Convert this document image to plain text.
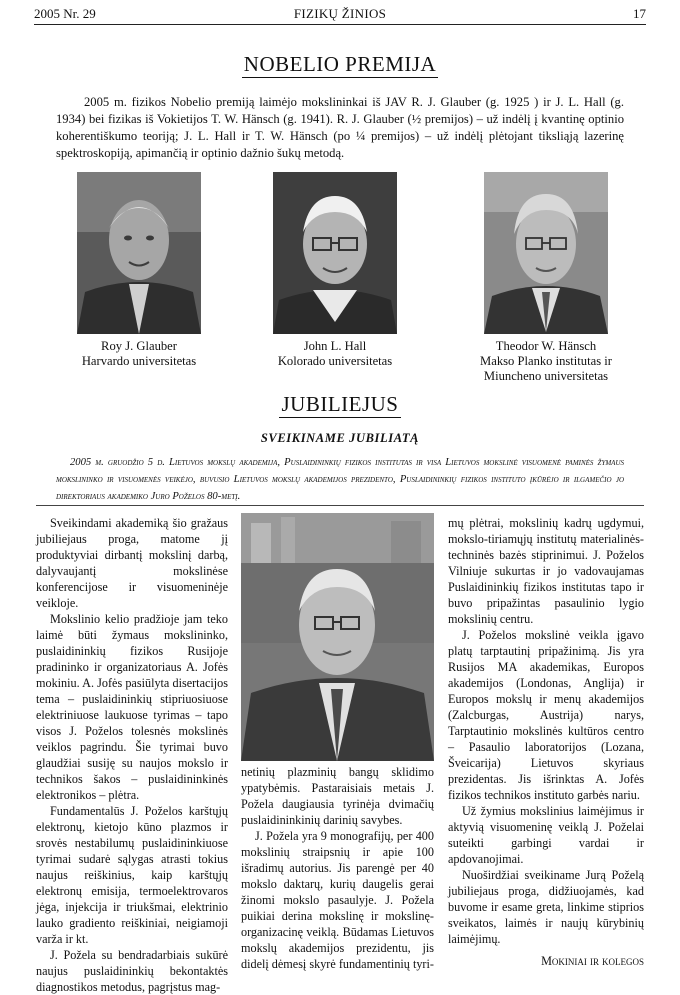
2005 Nr. 29	FIZIKŲ ŽINIOS	17
NOBELIO PREMIJA
2005 m. fizikos Nobelio premiją laimėjo mokslininkai iš JAV R. J. Glauber (g. 1925 ) ir J. L. Hall (g. 1934) bei fizikas iš Vokietijos T. W. Hänsch (g. 1941). R. J. Glauber (½ premijos) – už indėlį į kvantinę optinio koherentiškumo teoriją; J. L. Hall ir T. W. Hänsch (po ¼ premijos) – už indėlį plėtojant tiksliąją lazerinę spektroskopiją, apimančią ir optinio dažnio šukų metodą.
Roy J. Glauber
Harvardo universitetas
John L. Hall
Kolorado universitetas
Theodor W. Hänsch
Makso Planko institutas ir Miuncheno universitetas
JUBILIEJUS
SVEIKINAME JUBILIATĄ
2005 m. gruodžio 5 d. Lietuvos mokslų akademija, Puslaidininkių fizikos institutas ir visa Lietuvos mokslinė visuomenė paminės žymaus mokslininko ir visuomenės veikėjo, buvusio Lietuvos mokslų akademijos prezidento, Puslaidininkių fizikos instituto įkūrėjo ir ilgamečio jo direktoriaus akademiko Juro Poželos 80-metį.

Sveikindami akademiką šio gražaus jubiliejaus proga, matome jį produktyviai dirbantį mokslinį darbą, dalyvaujantį mokslinėse konferencijose ir visuomeninėje veikloje.

Mokslinio kelio pradžioje jam teko laimė būti žymaus mokslininko, puslaidininkių fizikos Rusijoje pradininko ir organizatoriaus A. Jofės mokiniu. A. Jofės pasiūlyta disertacijos tema – puslaidininkių stipriuosiuose elektriniuose laukuose tyrimas – tapo visos J. Poželos tolesnės mokslinės veiklos pagrindu. Šie tyrimai buvo glaudžiai susiję su naujos mokslo ir technikos šakos – puslaidininkinės elektronikos – plėtra.

Fundamentalūs J. Poželos karštųjų elektronų, kietojo kūno plazmos ir srovės nestabilumų puslaidininkiuose tyrimai sudarė sąlygas atrasti tokius naujus reiškinius, kaip karštųjų elektronų emisija, termoelektrovaros jėga, injekcija ir triukšmai, elektrinio lauko gradiento reiškiniai, neigiamoji varža ir kt.

J. Požela su bendradarbiais sukūrė naujus puslaidininkių bekontaktės diagnostikos metodus, pagrįstus mag-

netinių plazminių bangų sklidimo ypatybėmis. Pastaraisiais metais J. Požela daugiausia tyrinėja dvimačių puslaidininkinių darinių savybes.

J. Požela yra 9 monografijų, per 400 mokslinių straipsnių ir apie 100 išradimų autorius. Jis parengė per 40 mokslo daktarų, kurių daugelis gerai žinomi mokslo pasaulyje. J. Požela puikiai derina mokslinę ir mokslinę-organizacinę veiklą. Būdamas Lietuvos mokslų akademijos prezidentu, jis didelį dėmesį skyrė fundamentinių tyri-

mų plėtrai, mokslinių kadrų ugdymui, mokslo-tiriamųjų institutų materialinės-techninės bazės stiprinimui. J. Poželos Vilniuje sukurtas ir jo vadovaujamas Puslaidininkių fizikos institutas tapo ir buvo pripažintas pasaulinio lygio mokslinių centru.

J. Poželos mokslinė veikla įgavo platų tarptautinį pripažinimą. Jis yra Rusijos MA akademikas, Europos akademijos (Londonas, Anglija) ir Europos mokslų ir menų akademijos (Zalcburgas, Austrija) narys, Tarptautinio mokslinės kultūros centro – Pasaulio laboratorijos (Lozana, Šveicarija) Lietuvos skyriaus prezidentas. Jis išrinktas A. Jofės fizikos technikos instituto garbės nariu.

Už žymius mokslinius laimėjimus ir aktyvią visuomeninę veiklą J. Poželai suteikti garbingi vardai ir apdovanojimai.

Nuoširdžiai sveikiname Jurą Poželą jubiliejaus proga, didžiuojamės, kad buvome ir esame greta, linkime stiprios sveikatos, laimės ir naujų kūrybinių laimėjimų.

Mokiniai ir kolegos
